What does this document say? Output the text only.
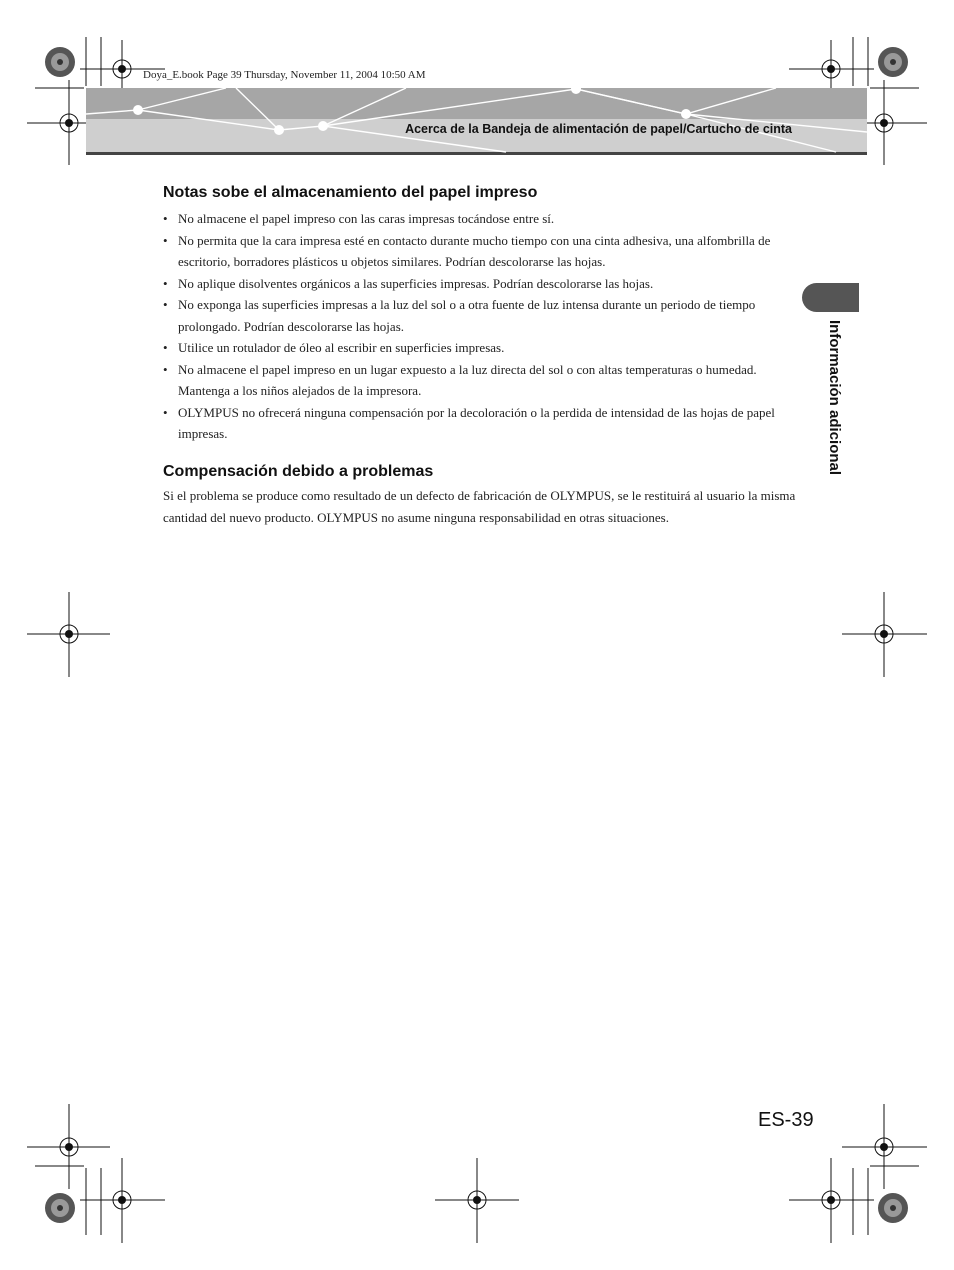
Doya_E.book Page 39 Thursday, November 11, 2004 10:50 AM
Acerca de la Bandeja de alimentación de papel/Cartucho de cinta
Notas sobe el almacenamiento del papel impreso
• No almacene el papel impreso con las caras impresas tocándose entre sí.
• No permita que la cara impresa esté en contacto durante mucho tiempo con una cinta adhesiva, una alfombrilla de escritorio, borradores plásticos u objetos similares. Podrían descolorarse las hojas.
• No aplique disolventes orgánicos a las superficies impresas. Podrían descolorarse las hojas.
• No exponga las superficies impresas a la luz del sol o a otra fuente de luz intensa durante un periodo de tiempo prolongado. Podrían descolorarse las hojas.
• Utilice un rotulador de óleo al escribir en superficies impresas.
• No almacene el papel impreso en un lugar expuesto a la luz directa del sol o con altas temperaturas o humedad. Mantenga a los niños alejados de la impresora.
• OLYMPUS no ofrecerá ninguna compensación por la decoloración o la perdida de intensidad de las hojas de papel impresas.
Compensación debido a problemas

Si el problema se produce como resultado de un defecto de fabricación de OLYMPUS, se le restituirá al usuario la misma cantidad del nuevo producto. OLYMPUS no asume ninguna responsabilidad en otras situaciones.

Información adicional
ES-39
